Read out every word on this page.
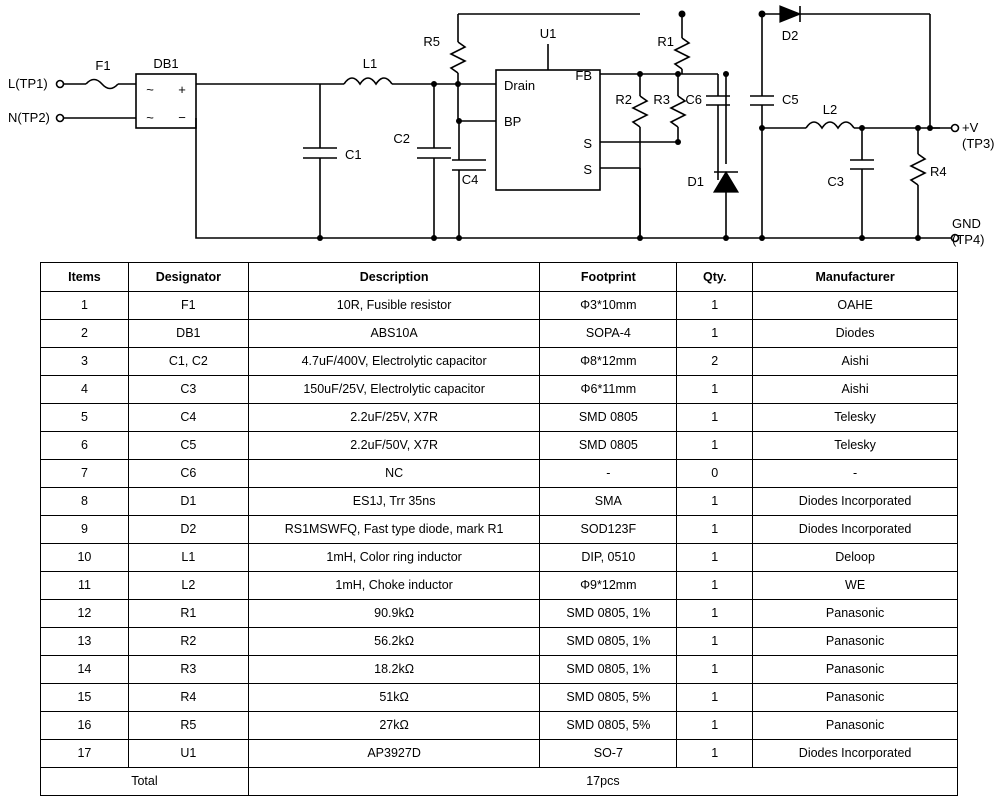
L(TP1)
N(TP2)
F1	DB1
~ +
~ −
C1
L1
C2
C4
R5
U1
Drain
BP
FB
S
S
R2 R3
R1
C6	C5
D2
D1
L2
C3
R4
+V
(TP3)
GND
(TP4)
Items	Designator	Description	Footprint	Qty.	Manufacturer
1	F1	10R, Fusible resistor	Φ3*10mm	1	OAHE
2	DB1	ABS10A	SOPA-4	1	Diodes
3	C1, C2	4.7uF/400V, Electrolytic capacitor	Φ8*12mm	2	Aishi
4	C3	150uF/25V, Electrolytic capacitor	Φ6*11mm	1	Aishi
5	C4	2.2uF/25V, X7R	SMD 0805	1	Telesky
6	C5	2.2uF/50V, X7R	SMD 0805	1	Telesky
7	C6	NC	-	0	-
8	D1	ES1J, Trr 35ns	SMA	1	Diodes Incorporated
9	D2	RS1MSWFQ, Fast type diode, mark R1	SOD123F	1	Diodes Incorporated
10	L1	1mH, Color ring inductor	DIP, 0510	1	Deloop
11	L2	1mH, Choke inductor	Φ9*12mm	1	WE
12	R1	90.9kΩ	SMD 0805, 1%	1	Panasonic
13	R2	56.2kΩ	SMD 0805, 1%	1	Panasonic
14	R3	18.2kΩ	SMD 0805, 1%	1	Panasonic
15	R4	51kΩ	SMD 0805, 5%	1	Panasonic
16	R5	27kΩ	SMD 0805, 5%	1	Panasonic
17	U1	AP3927D	SO-7	1	Diodes Incorporated
Total		17pcs			
